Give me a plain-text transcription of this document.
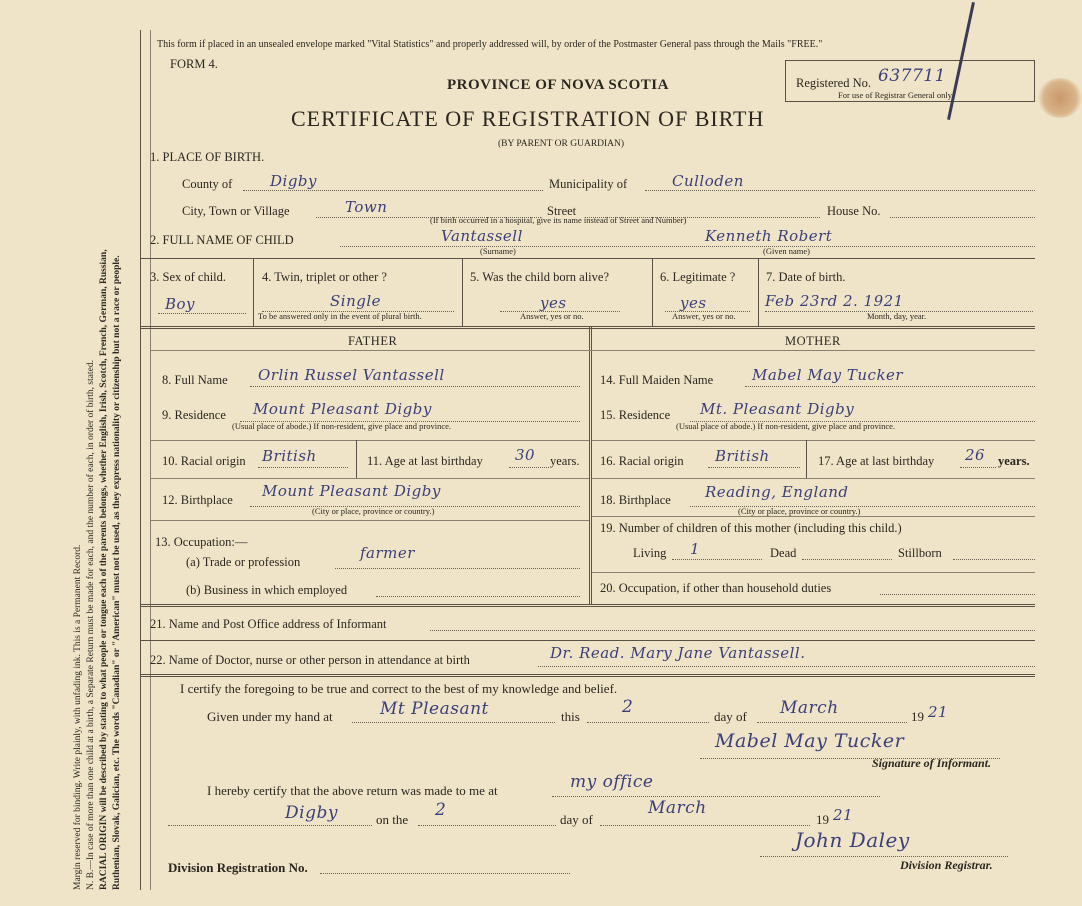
Margin reserved for binding. Write plainly, with unfading ink. This is a Permanent Record. N. B.—In case of more than one child at a birth, a Separate Return must be made for each, and the number of each, in order of birth, stated. RACIAL ORIGIN will be described by stating to what people or tongue each of the parents belongs, whether English, Irish, Scotch, French, German, Russian, Ruthenian, Slovak, Galician, etc. The words "Canadian" or "American" must not be used, as they express nationality or citizenship but not a race or people.
This form if placed in an unsealed envelope marked "Vital Statistics" and properly addressed will, by order of the Postmaster General pass through the Mails "FREE."
FORM 4.
PROVINCE OF NOVA SCOTIA
CERTIFICATE OF REGISTRATION OF BIRTH
(BY PARENT OR GUARDIAN)
Registered No. 637711
For use of Registrar General only.
1. PLACE OF BIRTH.
County of	Digby	Municipality of	Culloden
City, Town or Village	Town	Street
(If birth occurred in a hospital, give its name instead of Street and Number)
House No.
2. FULL NAME OF CHILD	Vantassell	Kenneth Robert
(Surname)	(Given name)
3. Sex of child.
Boy
4. Twin, triplet or other ?
Single
To be answered only in the event of plural birth.
5. Was the child born alive?
yes
Answer, yes or no.
6. Legitimate ?
yes
Answer, yes or no.
7. Date of birth.
Feb 23rd 2. 1921
Month, day, year.
FATHER	MOTHER
8. Full Name Orlin Russel Vantassell
9. Residence Mount Pleasant Digby
(Usual place of abode.) If non-resident, give place and province.
10. Racial origin British	11. Age at last birthday 30 years.
12. Birthplace Mount Pleasant Digby
(City or place, province or country.)
13. Occupation:—
(a) Trade or profession	farmer
(b) Business in which employed
14. Full Maiden Name	Mabel May Tucker
15. Residence Mt. Pleasant Digby
(Usual place of abode.) If non-resident, give place and province.
16. Racial origin British	17. Age at last birthday 26 years.
18. Birthplace Reading, England
(City or place, province or country.)
19. Number of children of this mother (including this child.)
Living 1	Dead	Stillborn
20. Occupation, if other than household duties
21. Name and Post Office address of Informant
22. Name of Doctor, nurse or other person in attendance at birth	Dr. Read. Mary Jane Vantassell.
I certify the foregoing to be true and correct to the best of my knowledge and belief.
Given under my hand at	Mt Pleasant	this 2	day of March	19 21
Mabel May Tucker
Signature of Informant.
I hereby certify that the above return was made to me at	my office
Digby	on the 2	day of
March
19 21
Division Registration No.
John Daley
Division Registrar.
